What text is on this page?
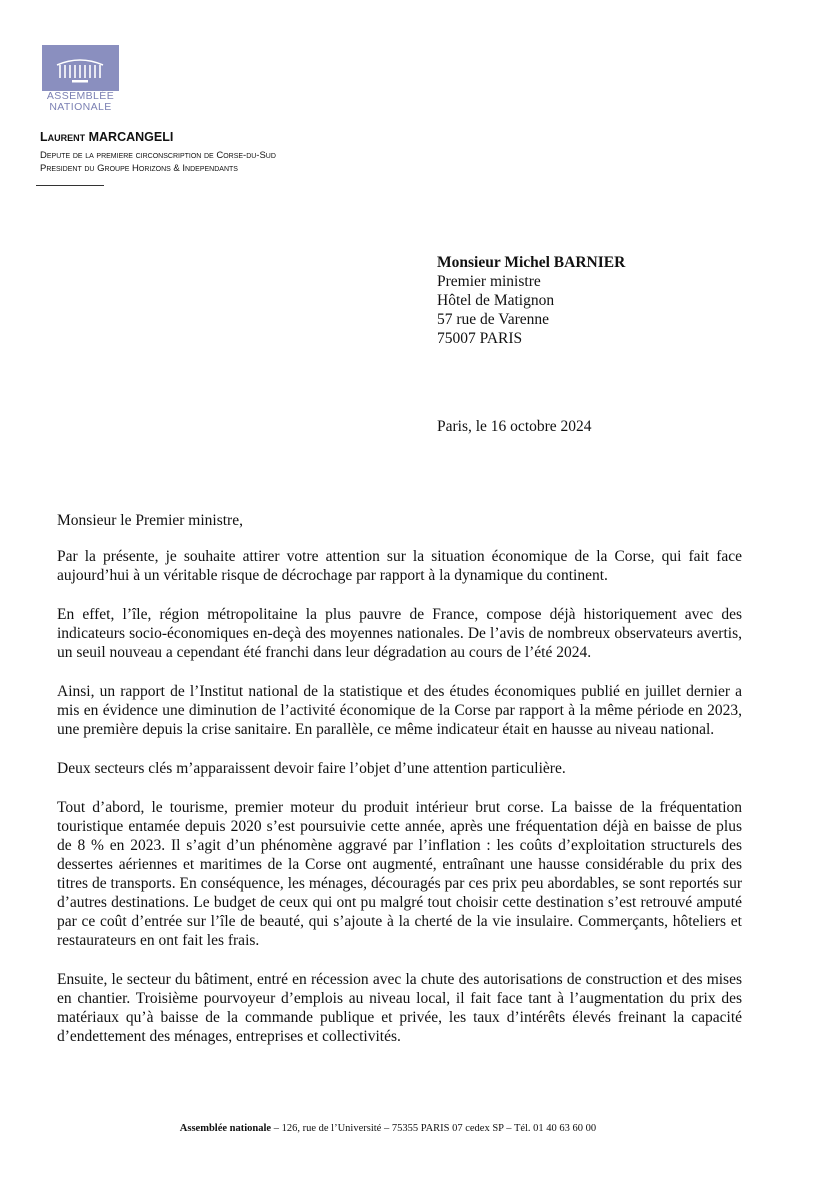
ASSEMBLÉE
NATIONALE
Laurent MARCANGELI
Depute de la premiere circonscription de Corse-du-Sud
President du Groupe Horizons & Independants
Monsieur Michel BARNIER
Premier ministre
Hôtel de Matignon
57 rue de Varenne
75007 PARIS
Paris, le 16 octobre 2024
Monsieur le Premier ministre,

Par la présente, je souhaite attirer votre attention sur la situation économique de la Corse, qui fait face aujourd’hui à un véritable risque de décrochage par rapport à la dynamique du continent.

En effet, l’île, région métropolitaine la plus pauvre de France, compose déjà historiquement avec des indicateurs socio-économiques en-deçà des moyennes nationales. De l’avis de nombreux observateurs avertis, un seuil nouveau a cependant été franchi dans leur dégradation au cours de l’été 2024.

Ainsi, un rapport de l’Institut national de la statistique et des études économiques publié en juillet dernier a mis en évidence une diminution de l’activité économique de la Corse par rapport à la même période en 2023, une première depuis la crise sanitaire. En parallèle, ce même indicateur était en hausse au niveau national.

Deux secteurs clés m’apparaissent devoir faire l’objet d’une attention particulière.

Tout d’abord, le tourisme, premier moteur du produit intérieur brut corse. La baisse de la fréquentation touristique entamée depuis 2020 s’est poursuivie cette année, après une fréquentation déjà en baisse de plus de 8 % en 2023. Il s’agit d’un phénomène aggravé par l’inflation : les coûts d’exploitation structurels des dessertes aériennes et maritimes de la Corse ont augmenté, entraînant une hausse considérable du prix des titres de transports. En conséquence, les ménages, découragés par ces prix peu abordables, se sont reportés sur d’autres destinations. Le budget de ceux qui ont pu malgré tout choisir cette destination s’est retrouvé amputé par ce coût d’entrée sur l’île de beauté, qui s’ajoute à la cherté de la vie insulaire. Commerçants, hôteliers et restaurateurs en ont fait les frais.

Ensuite, le secteur du bâtiment, entré en récession avec la chute des autorisations de construction et des mises en chantier. Troisième pourvoyeur d’emplois au niveau local, il fait face tant à l’augmentation du prix des matériaux qu’à baisse de la commande publique et privée, les taux d’intérêts élevés freinant la capacité d’endettement des ménages, entreprises et collectivités.

Assemblée nationale – 126, rue de l’Université – 75355 PARIS 07 cedex SP – Tél. 01 40 63 60 00
